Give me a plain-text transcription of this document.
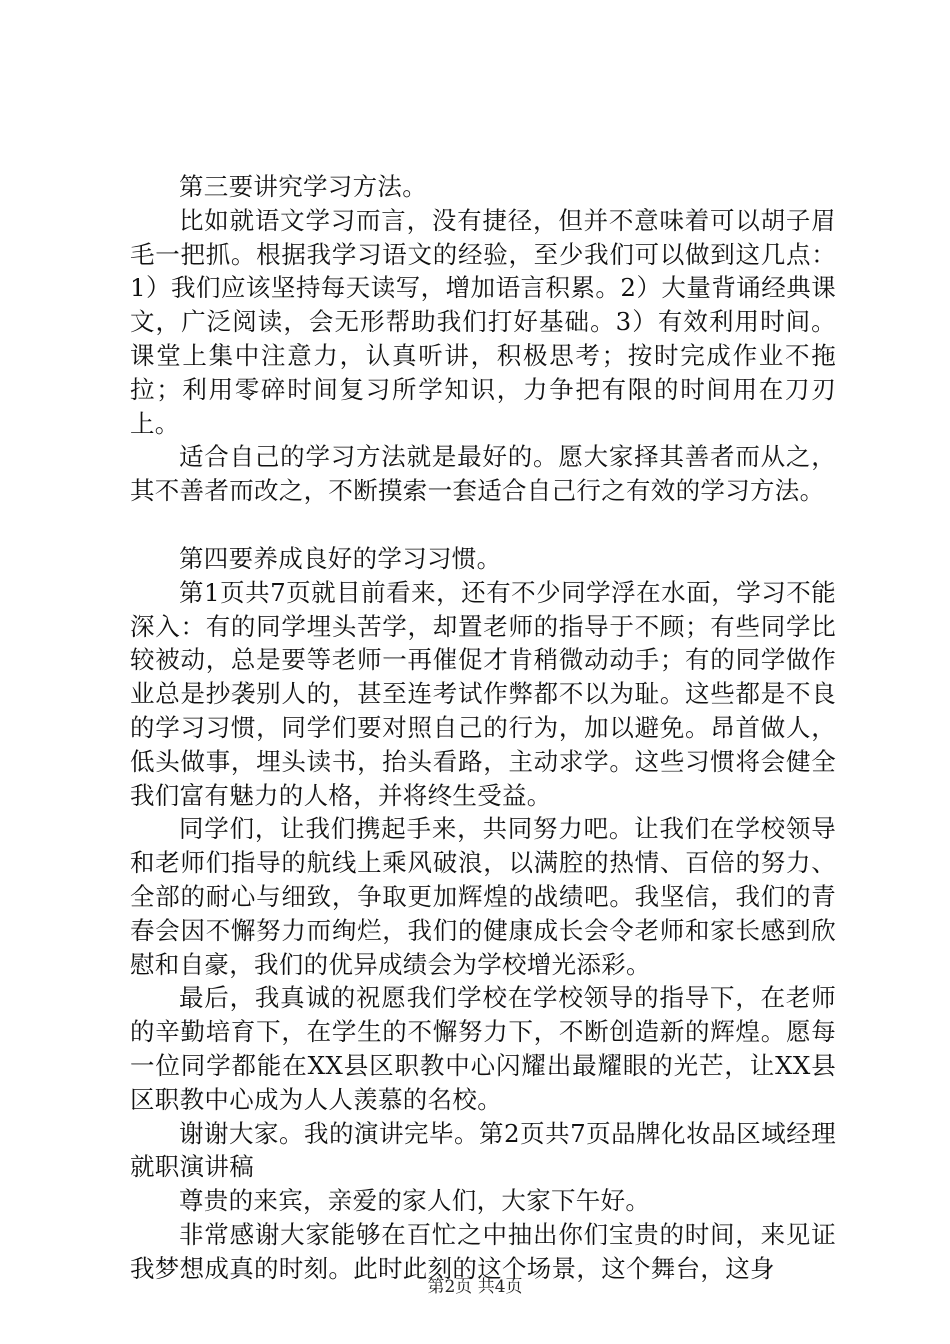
第三要讲究学习方法。

比如就语文学习而言，没有捷径，但并不意味着可以胡子眉毛一把抓。根据我学习语文的经验，至少我们可以做到这几点：1）我们应该坚持每天读写，增加语言积累。2）大量背诵经典课文，广泛阅读，会无形帮助我们打好基础。3）有效利用时间。课堂上集中注意力，认真听讲，积极思考；按时完成作业不拖拉；利用零碎时间复习所学知识，力争把有限的时间用在刀刃上。

适合自己的学习方法就是最好的。愿大家择其善者而从之，其不善者而改之，不断摸索一套适合自己行之有效的学习方法。

第四要养成良好的学习习惯。

第1页共7页就目前看来，还有不少同学浮在水面，学习不能深入：有的同学埋头苦学，却置老师的指导于不顾；有些同学比较被动，总是要等老师一再催促才肯稍微动动手；有的同学做作业总是抄袭别人的，甚至连考试作弊都不以为耻。这些都是不良的学习习惯，同学们要对照自己的行为，加以避免。昂首做人，低头做事，埋头读书，抬头看路，主动求学。这些习惯将会健全我们富有魅力的人格，并将终生受益。

同学们，让我们携起手来，共同努力吧。让我们在学校领导和老师们指导的航线上乘风破浪，以满腔的热情、百倍的努力、全部的耐心与细致，争取更加辉煌的战绩吧。我坚信，我们的青春会因不懈努力而绚烂，我们的健康成长会令老师和家长感到欣慰和自豪，我们的优异成绩会为学校增光添彩。

最后，我真诚的祝愿我们学校在学校领导的指导下，在老师的辛勤培育下，在学生的不懈努力下，不断创造新的辉煌。愿每一位同学都能在XX县区职教中心闪耀出最耀眼的光芒，让XX县区职教中心成为人人羡慕的名校。

谢谢大家。我的演讲完毕。第2页共7页品牌化妆品区域经理就职演讲稿

尊贵的来宾，亲爱的家人们，大家下午好。

非常感谢大家能够在百忙之中抽出你们宝贵的时间，来见证我梦想成真的时刻。此时此刻的这个场景，这个舞台，这身

第2页 共4页
